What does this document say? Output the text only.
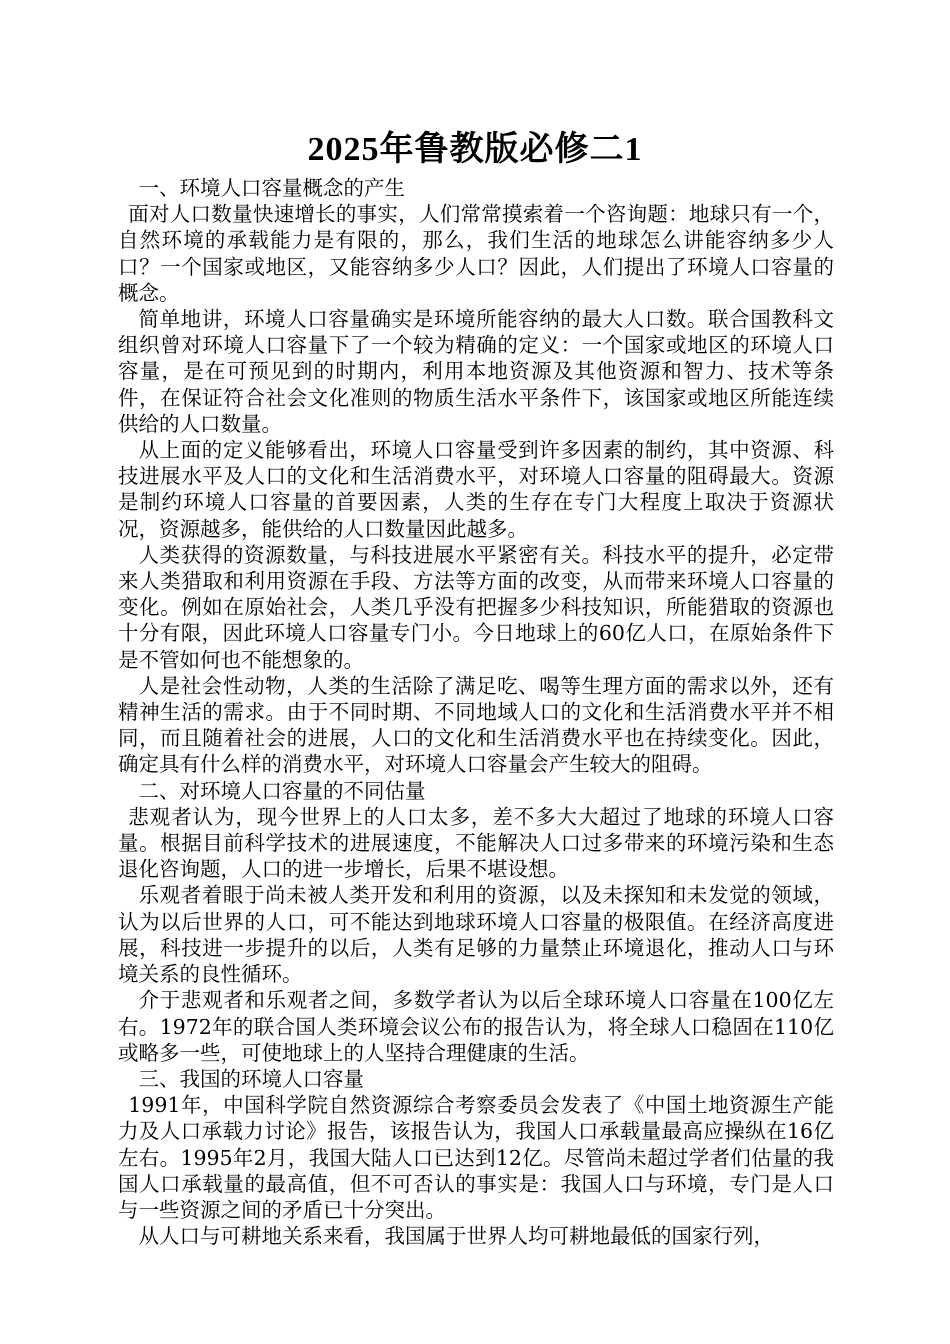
2025年鲁教版必修二1

一、环境人口容量概念的产生

面对人口数量快速增长的事实，人们常常摸索着一个咨询题：地球只有一个，自然环境的承载能力是有限的，那么，我们生活的地球怎么讲能容纳多少人口？一个国家或地区，又能容纳多少人口？因此，人们提出了环境人口容量的概念。

简单地讲，环境人口容量确实是环境所能容纳的最大人口数。联合国教科文组织曾对环境人口容量下了一个较为精确的定义：一个国家或地区的环境人口容量，是在可预见到的时期内，利用本地资源及其他资源和智力、技术等条件，在保证符合社会文化准则的物质生活水平条件下，该国家或地区所能连续供给的人口数量。

从上面的定义能够看出，环境人口容量受到许多因素的制约，其中资源、科技进展水平及人口的文化和生活消费水平，对环境人口容量的阻碍最大。资源是制约环境人口容量的首要因素，人类的生存在专门大程度上取决于资源状况，资源越多，能供给的人口数量因此越多。

人类获得的资源数量，与科技进展水平紧密有关。科技水平的提升，必定带来人类猎取和利用资源在手段、方法等方面的改变，从而带来环境人口容量的变化。例如在原始社会，人类几乎没有把握多少科技知识，所能猎取的资源也十分有限，因此环境人口容量专门小。今日地球上的60亿人口，在原始条件下是不管如何也不能想象的。

人是社会性动物，人类的生活除了满足吃、喝等生理方面的需求以外，还有精神生活的需求。由于不同时期、不同地域人口的文化和生活消费水平并不相同，而且随着社会的进展，人口的文化和生活消费水平也在持续变化。因此，确定具有什么样的消费水平，对环境人口容量会产生较大的阻碍。

二、对环境人口容量的不同估量

悲观者认为，现今世界上的人口太多，差不多大大超过了地球的环境人口容量。根据目前科学技术的进展速度，不能解决人口过多带来的环境污染和生态退化咨询题，人口的进一步增长，后果不堪设想。

乐观者着眼于尚未被人类开发和利用的资源，以及未探知和未发觉的领域，认为以后世界的人口，可不能达到地球环境人口容量的极限值。在经济高度进展，科技进一步提升的以后，人类有足够的力量禁止环境退化，推动人口与环境关系的良性循环。

介于悲观者和乐观者之间，多数学者认为以后全球环境人口容量在100亿左右。1972年的联合国人类环境会议公布的报告认为，将全球人口稳固在110亿或略多一些，可使地球上的人坚持合理健康的生活。

三、我国的环境人口容量

1991年，中国科学院自然资源综合考察委员会发表了《中国土地资源生产能力及人口承载力讨论》报告，该报告认为，我国人口承载量最高应操纵在16亿左右。1995年2月，我国大陆人口已达到12亿。尽管尚未超过学者们估量的我国人口承载量的最高值，但不可否认的事实是：我国人口与环境，专门是人口与一些资源之间的矛盾已十分突出。

从人口与可耕地关系来看，我国属于世界人均可耕地最低的国家行列，
